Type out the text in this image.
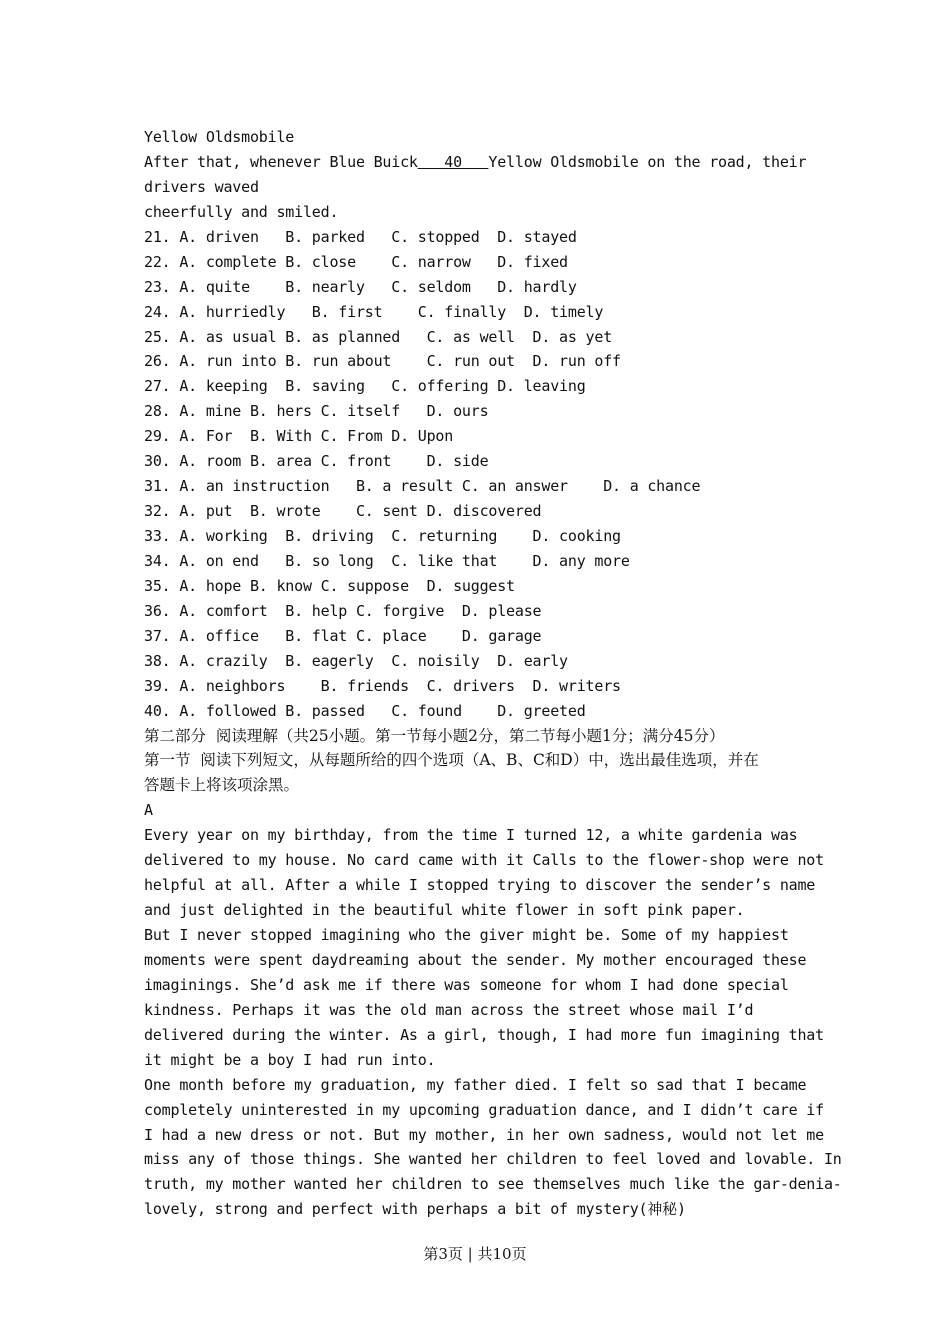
Yellow Oldsmobile
After that, whenever Blue Buick   40   Yellow Oldsmobile on the road, their
drivers waved
cheerfully and smiled.
21. A. driven   B. parked   C. stopped  D. stayed
22. A. complete B. close    C. narrow   D. fixed
23. A. quite    B. nearly   C. seldom   D. hardly
24. A. hurriedly   B. first    C. finally  D. timely
25. A. as usual B. as planned   C. as well  D. as yet
26. A. run into B. run about    C. run out  D. run off
27. A. keeping  B. saving   C. offering D. leaving
28. A. mine B. hers C. itself   D. ours
29. A. For  B. With C. From D. Upon
30. A. room B. area C. front    D. side
31. A. an instruction   B. a result C. an answer    D. a chance
32. A. put  B. wrote    C. sent D. discovered
33. A. working  B. driving  C. returning    D. cooking
34. A. on end   B. so long  C. like that    D. any more
35. A. hope B. know C. suppose  D. suggest
36. A. comfort  B. help C. forgive  D. please
37. A. office   B. flat C. place    D. garage
38. A. crazily  B. eagerly  C. noisily  D. early
39. A. neighbors    B. friends  C. drivers  D. writers
40. A. followed B. passed   C. found    D. greeted
第二部分  阅读理解（共25小题。第一节每小题2分，第二节每小题1分；满分45分）
第一节  阅读下列短文，从每题所给的四个选项（A、B、C和D）中，选出最佳选项，并在
答题卡上将该项涂黑。
A
Every year on my birthday, from the time I turned 12, a white gardenia was
delivered to my house. No card came with it Calls to the flower-shop were not
helpful at all. After a while I stopped trying to discover the sender’s name
and just delighted in the beautiful white flower in soft pink paper.
But I never stopped imagining who the giver might be. Some of my happiest
moments were spent daydreaming about the sender. My mother encouraged these
imaginings. She’d ask me if there was someone for whom I had done special
kindness. Perhaps it was the old man across the street whose mail I’d
delivered during the winter. As a girl, though, I had more fun imagining that
it might be a boy I had run into.
One month before my graduation, my father died. I felt so sad that I became
completely uninterested in my upcoming graduation dance, and I didn’t care if
I had a new dress or not. But my mother, in her own sadness, would not let me
miss any of those things. She wanted her children to feel loved and lovable. In
truth, my mother wanted her children to see themselves much like the gar-denia-
lovely, strong and perfect with perhaps a bit of mystery(神秘)
第3页 | 共10页
